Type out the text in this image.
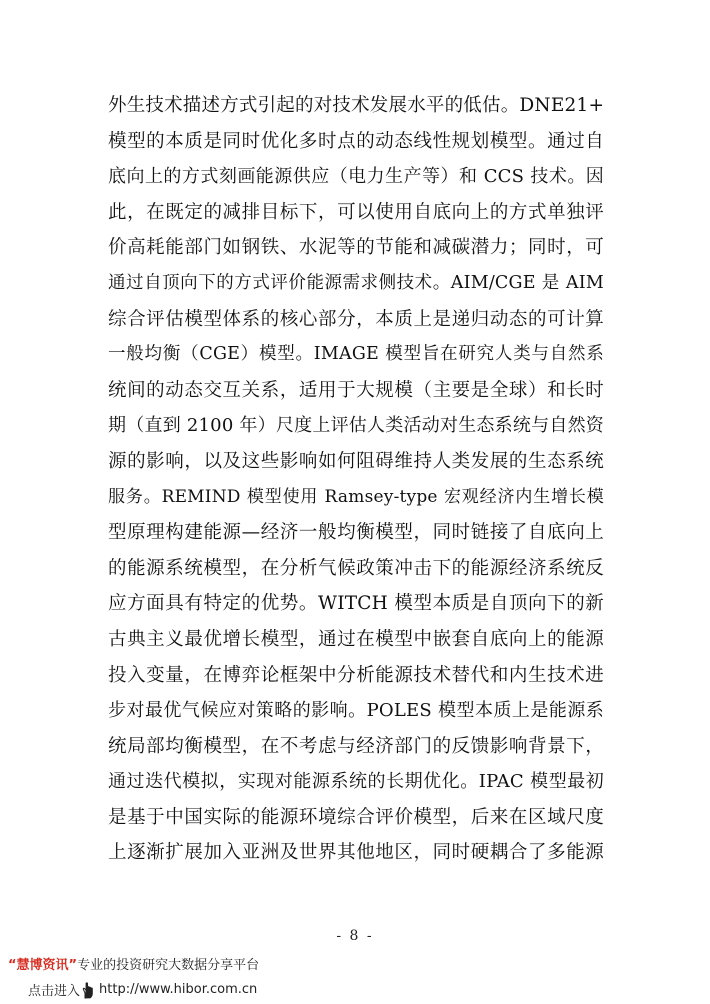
外生技术描述方式引起的对技术发展水平的低估。DNE21+
模型的本质是同时优化多时点的动态线性规划模型。通过自
底向上的方式刻画能源供应（电力生产等）和 CCS 技术。因
此，在既定的减排目标下，可以使用自底向上的方式单独评
价高耗能部门如钢铁、水泥等的节能和减碳潜力；同时，可
通过自顶向下的方式评价能源需求侧技术。AIM/CGE 是 AIM
综合评估模型体系的核心部分，本质上是递归动态的可计算
一般均衡（CGE）模型。IMAGE 模型旨在研究人类与自然系
统间的动态交互关系，适用于大规模（主要是全球）和长时
期（直到 2100 年）尺度上评估人类活动对生态系统与自然资
源的影响，以及这些影响如何阻碍维持人类发展的生态系统
服务。REMIND 模型使用 Ramsey-type 宏观经济内生增长模
型原理构建能源—经济一般均衡模型，同时链接了自底向上
的能源系统模型，在分析气候政策冲击下的能源经济系统反
应方面具有特定的优势。WITCH 模型本质是自顶向下的新
古典主义最优增长模型，通过在模型中嵌套自底向上的能源
投入变量，在博弈论框架中分析能源技术替代和内生技术进
步对最优气候应对策略的影响。POLES 模型本质上是能源系
统局部均衡模型，在不考虑与经济部门的反馈影响背景下，
通过迭代模拟，实现对能源系统的长期优化。IPAC 模型最初
是基于中国实际的能源环境综合评价模型，后来在区域尺度
上逐渐扩展加入亚洲及世界其他地区，同时硬耦合了多能源
- 8 -
“慧博资讯”专业的投资研究大数据分享平台
点击进入 http://www.hibor.com.cn
